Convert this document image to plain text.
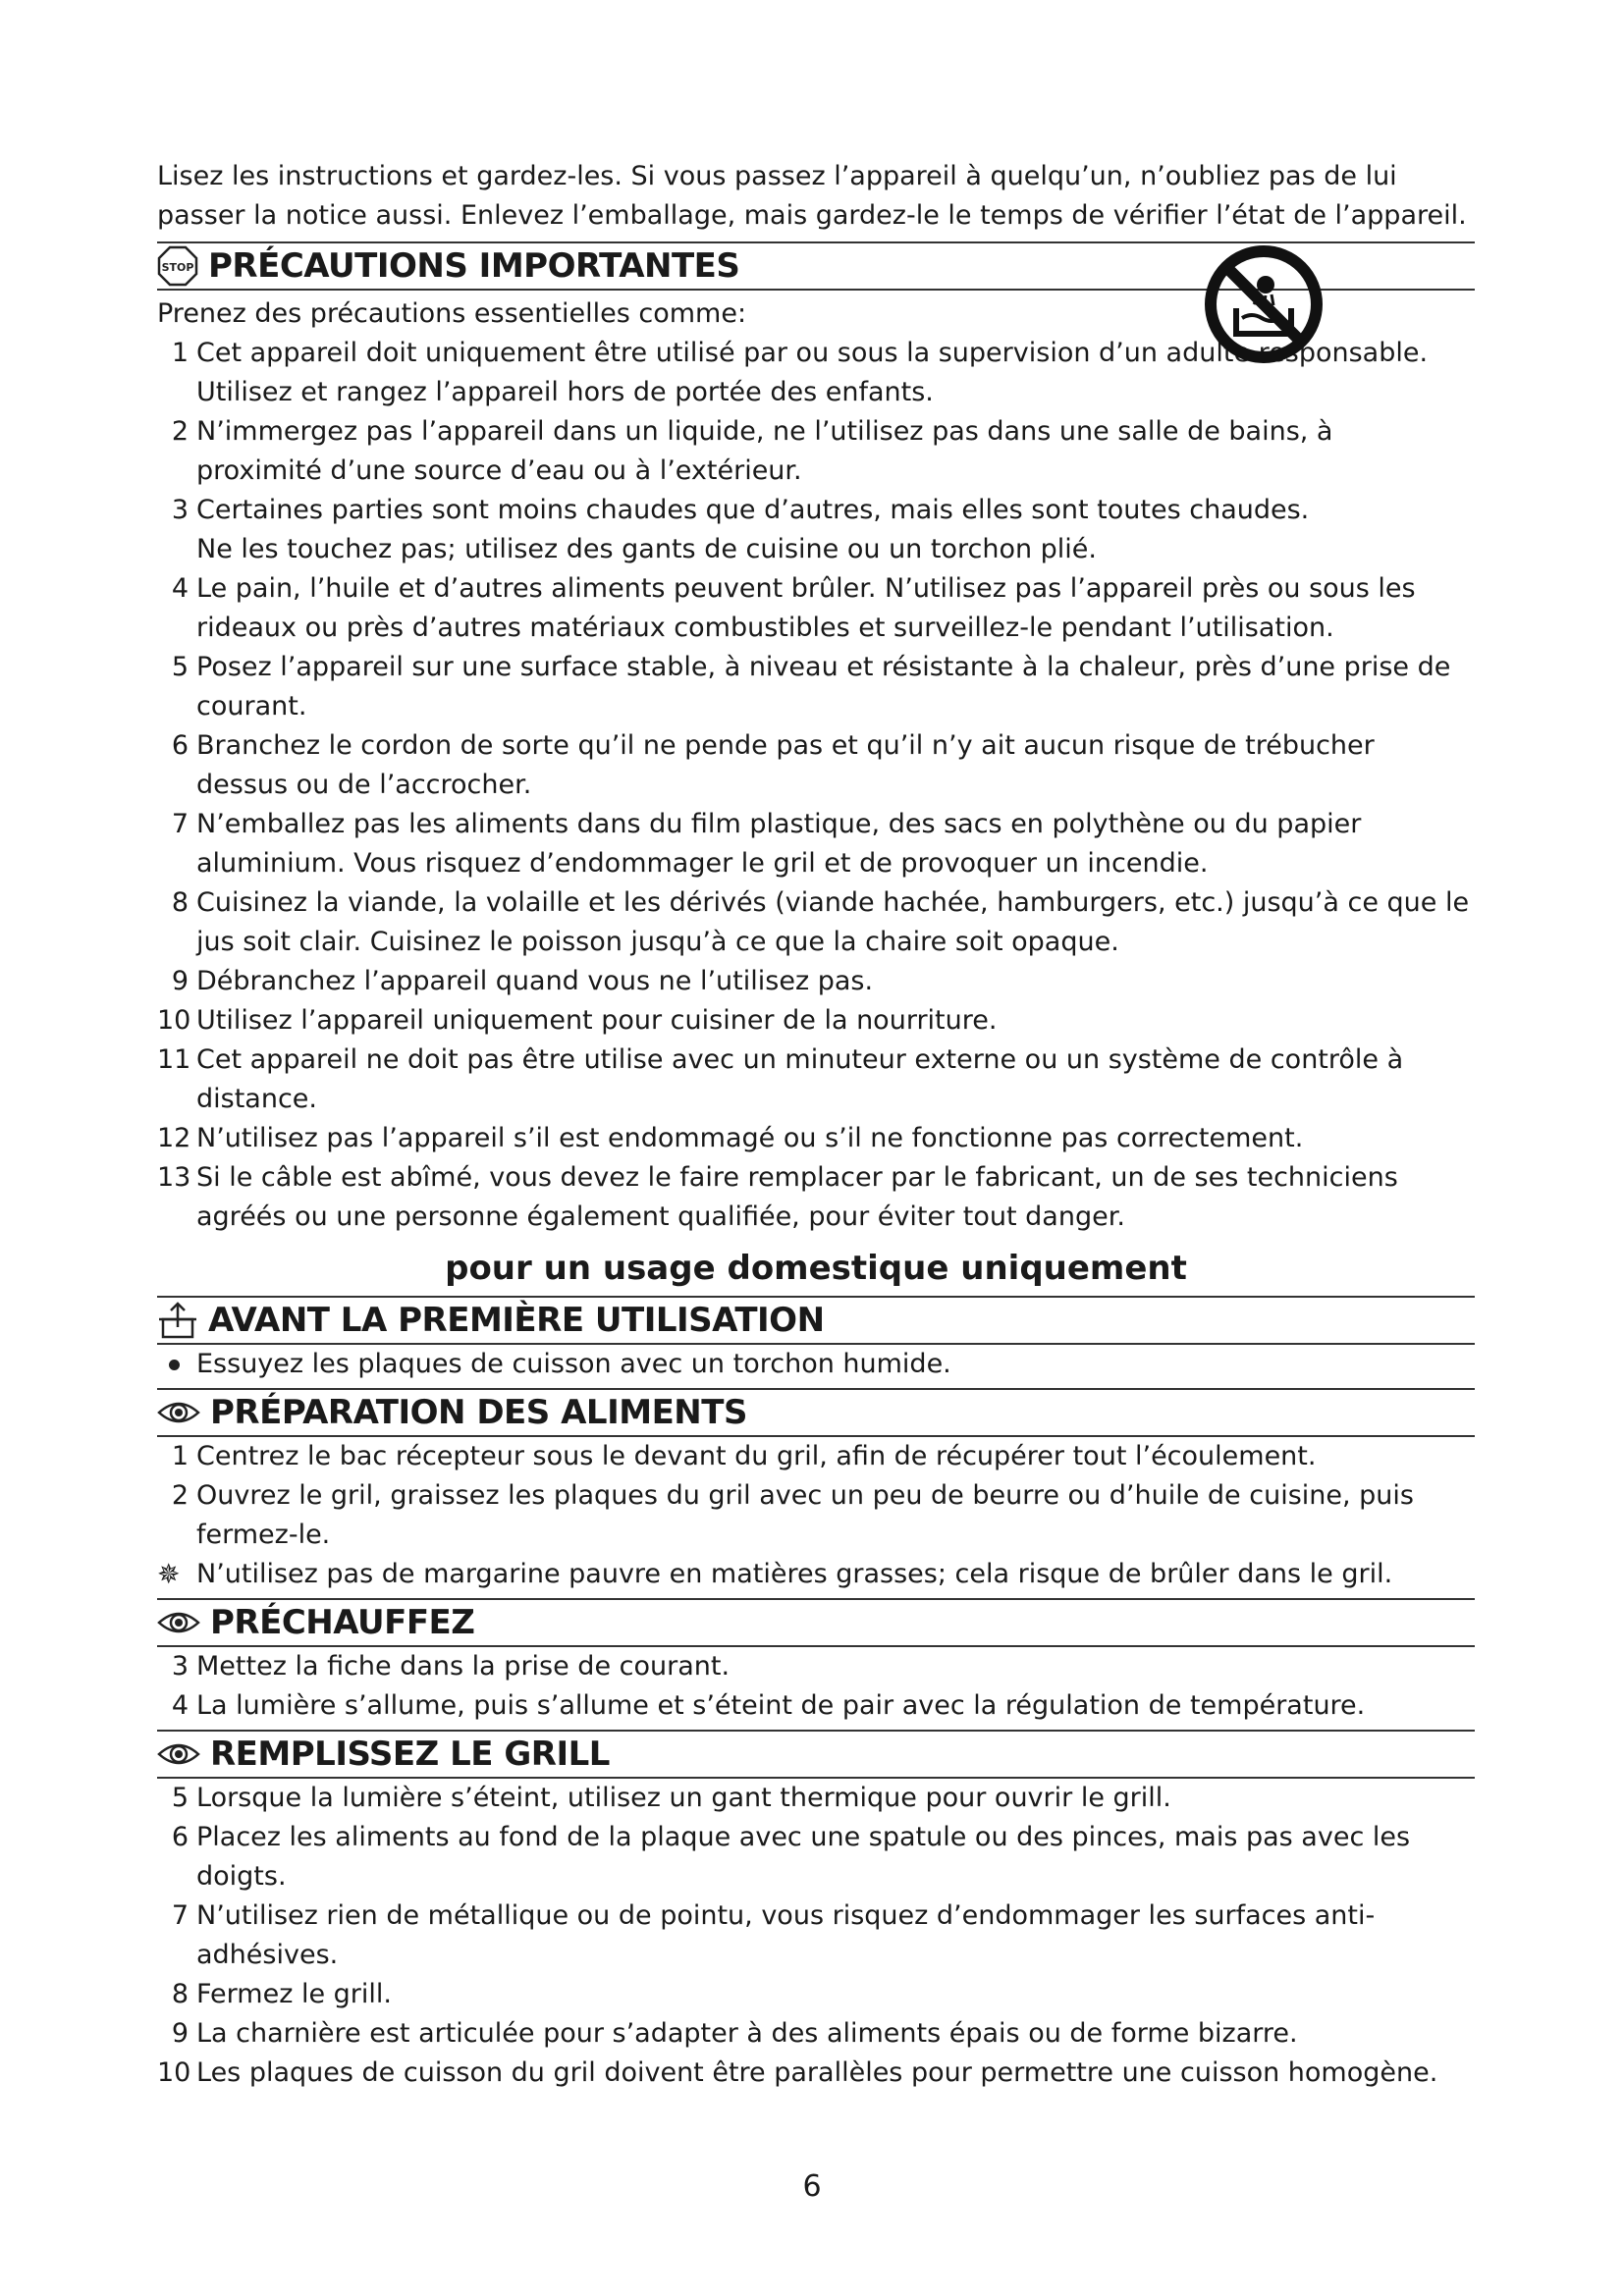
Lisez les instructions et gardez-les. Si vous passez l’appareil à quelqu’un, n’oubliez pas de lui
passer la notice aussi. Enlevez l’emballage, mais gardez-le le temps de vérifier l’état de l’appareil.
STOP PRÉCAUTIONS IMPORTANTES
Prenez des précautions essentielles comme:
1 Cet appareil doit uniquement être utilisé par ou sous la supervision d’un adulte responsable.
Utilisez et rangez l’appareil hors de portée des enfants.
2 N’immergez pas l’appareil dans un liquide, ne l’utilisez pas dans une salle de bains, à
proximité d’une source d’eau ou à l’extérieur.
3 Certaines parties sont moins chaudes que d’autres, mais elles sont toutes chaudes.
Ne les touchez pas; utilisez des gants de cuisine ou un torchon plié.
4 Le pain, l’huile et d’autres aliments peuvent brûler. N’utilisez pas l’appareil près ou sous les
rideaux ou près d’autres matériaux combustibles et surveillez-le pendant l’utilisation.
5 Posez l’appareil sur une surface stable, à niveau et résistante à la chaleur, près d’une prise de
courant.
6 Branchez le cordon de sorte qu’il ne pende pas et qu’il n’y ait aucun risque de trébucher
dessus ou de l’accrocher.
7 N’emballez pas les aliments dans du film plastique, des sacs en polythène ou du papier
aluminium. Vous risquez d’endommager le gril et de provoquer un incendie.
8 Cuisinez la viande, la volaille et les dérivés (viande hachée, hamburgers, etc.) jusqu’à ce que le
jus soit clair. Cuisinez le poisson jusqu’à ce que la chaire soit opaque.
9 Débranchez l’appareil quand vous ne l’utilisez pas.
10 Utilisez l’appareil uniquement pour cuisiner de la nourriture.
11 Cet appareil ne doit pas être utilise avec un minuteur externe ou un système de contrôle à
distance.
12 N’utilisez pas l’appareil s’il est endommagé ou s’il ne fonctionne pas correctement.
13 Si le câble est abîmé, vous devez le faire remplacer par le fabricant, un de ses techniciens
agréés ou une personne également qualifiée, pour éviter tout danger.
pour un usage domestique uniquement
AVANT LA PREMIÈRE UTILISATION
Essuyez les plaques de cuisson avec un torchon humide.
PRÉPARATION DES ALIMENTS
1 Centrez le bac récepteur sous le devant du gril, afin de récupérer tout l’écoulement.
2 Ouvrez le gril, graissez les plaques du gril avec un peu de beurre ou d’huile de cuisine, puis
fermez-le.
✵ N’utilisez pas de margarine pauvre en matières grasses; cela risque de brûler dans le gril.
PRÉCHAUFFEZ
3 Mettez la fiche dans la prise de courant.
4 La lumière s’allume, puis s’allume et s’éteint de pair avec la régulation de température.
REMPLISSEZ LE GRILL
5 Lorsque la lumière s’éteint, utilisez un gant thermique pour ouvrir le grill.
6 Placez les aliments au fond de la plaque avec une spatule ou des pinces, mais pas avec les
doigts.
7 N’utilisez rien de métallique ou de pointu, vous risquez d’endommager les surfaces anti-
adhésives.
8 Fermez le grill.
9 La charnière est articulée pour s’adapter à des aliments épais ou de forme bizarre.
10 Les plaques de cuisson du gril doivent être parallèles pour permettre une cuisson homogène.
6
